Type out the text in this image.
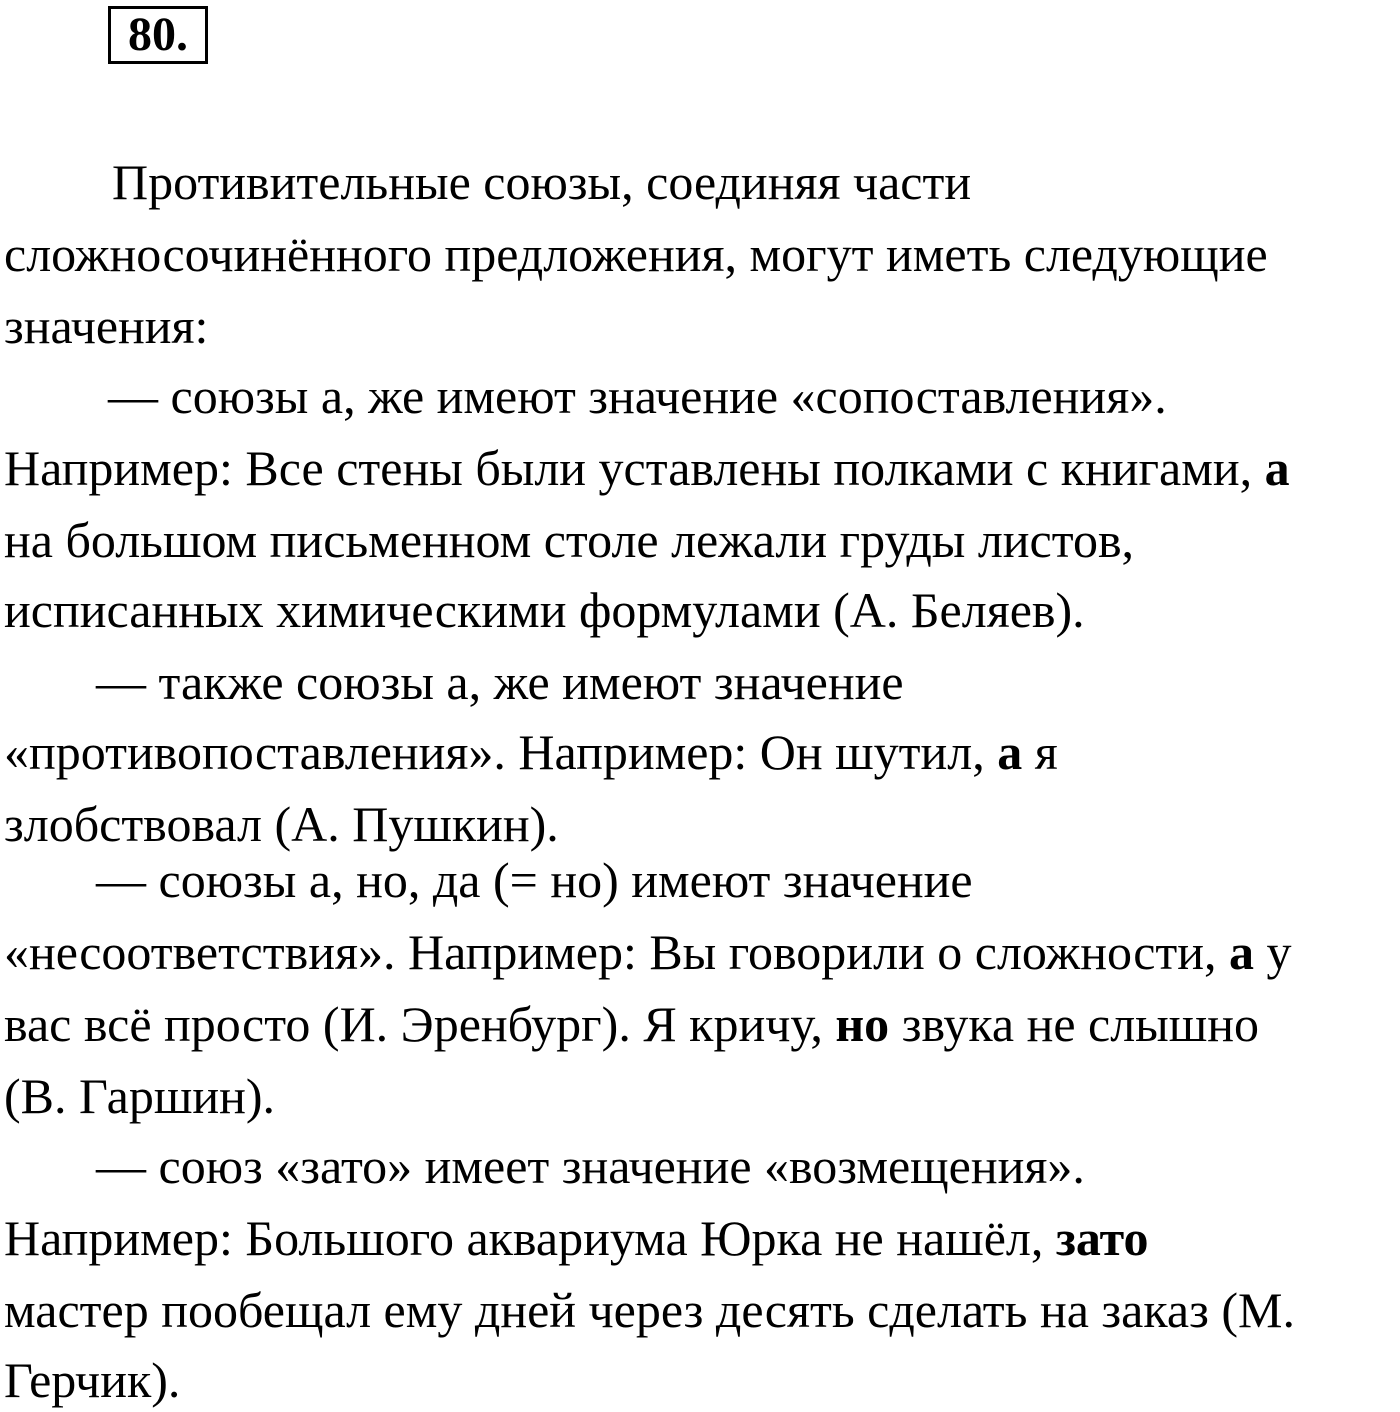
80.
Противительные союзы, соединяя части
сложносочинённого предложения, могут иметь следующие
значения:
— союзы а, же имеют значение «сопоставления».
Например: Все стены были уставлены полками с книгами, а
на большом письменном столе лежали груды листов,
исписанных химическими формулами (А. Беляев).
— также союзы а, же имеют значение
«противопоставления». Например: Он шутил, а я
злобствовал (А. Пушкин).
— союзы а, но, да (= но) имеют значение
«несоответствия». Например: Вы говорили о сложности, а у
вас всё просто (И. Эренбург). Я кричу, но звука не слышно
(В. Гаршин).
— союз «зато» имеет значение «возмещения».
Например: Большого аквариума Юрка не нашёл, зато
мастер пообещал ему дней через десять сделать на заказ (М.
Герчик).
